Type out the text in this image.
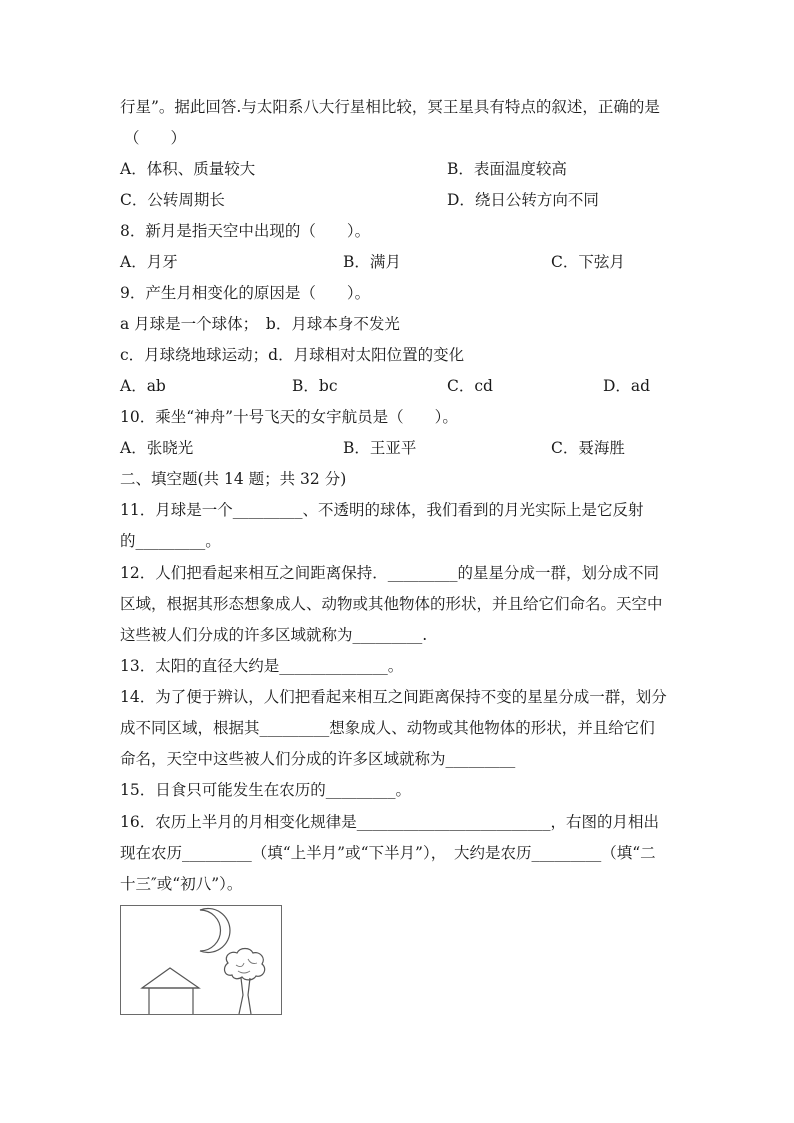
行星”。据此回答.与太阳系八大行星相比较，冥王星具有特点的叙述，正确的是
（　　）
A．体积、质量较大	B．表面温度较高
C．公转周期长	D．绕日公转方向不同
8．新月是指天空中出现的（　　）。
A．月牙	B．满月	C．下弦月
9．产生月相变化的原因是（　　）。
a 月球是一个球体；　b．月球本身不发光
c．月球绕地球运动；d．月球相对太阳位置的变化
A．ab	B．bc	C．cd	D．ad
10．乘坐“神舟”十号飞天的女宇航员是（　　）。
A．张晓光	B．王亚平	C．聂海胜
二、填空题(共 14 题；共 32 分)
11．月球是一个_________、不透明的球体，我们看到的月光实际上是它反射
的_________。
12．人们把看起来相互之间距离保持．_________的星星分成一群，划分成不同
区域，根据其形态想象成人、动物或其他物体的形状，并且给它们命名。天空中
这些被人们分成的许多区域就称为_________.
13．太阳的直径大约是______________。
14．为了便于辨认，人们把看起来相互之间距离保持不变的星星分成一群，划分
成不同区域，根据其_________想象成人、动物或其他物体的形状，并且给它们
命名，天空中这些被人们分成的许多区域就称为_________
15．日食只可能发生在农历的_________。
16．农历上半月的月相变化规律是_________________________，右图的月相出
现在农历_________（填“上半月”或“下半月”），　大约是农历_________（填“二
十三″或“初八”）。
